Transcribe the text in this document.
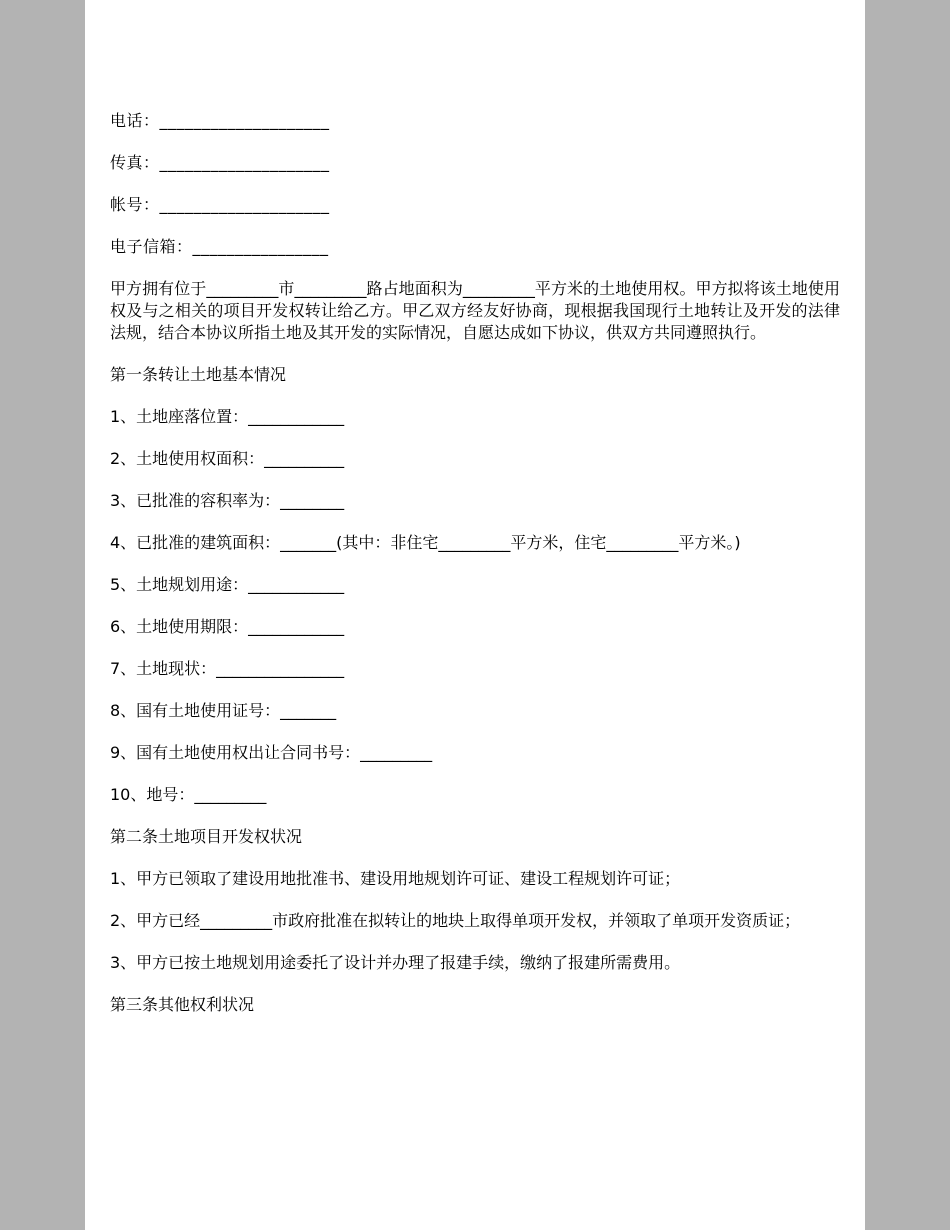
电话：____________________

传真：____________________

帐号：____________________

电子信箱：________________

甲方拥有位于_________市_________路占地面积为_________平方米的土地使用权。甲方拟将该土地使用权及与之相关的项目开发权转让给乙方。甲乙双方经友好协商，现根据我国现行土地转让及开发的法律法规，结合本协议所指土地及其开发的实际情况，自愿达成如下协议，供双方共同遵照执行。

第一条转让土地基本情况

1、土地座落位置：____________

2、土地使用权面积：__________

3、已批准的容积率为：________

4、已批准的建筑面积：_______(其中：非住宅_________平方米，住宅_________平方米。)

5、土地规划用途：____________

6、土地使用期限：____________

7、土地现状：________________

8、国有土地使用证号：_______

9、国有土地使用权出让合同书号：_________

10、地号：_________

第二条土地项目开发权状况

1、甲方已领取了建设用地批准书、建设用地规划许可证、建设工程规划许可证；

2、甲方已经_________市政府批准在拟转让的地块上取得单项开发权，并领取了单项开发资质证；

3、甲方已按土地规划用途委托了设计并办理了报建手续，缴纳了报建所需费用。

第三条其他权利状况
